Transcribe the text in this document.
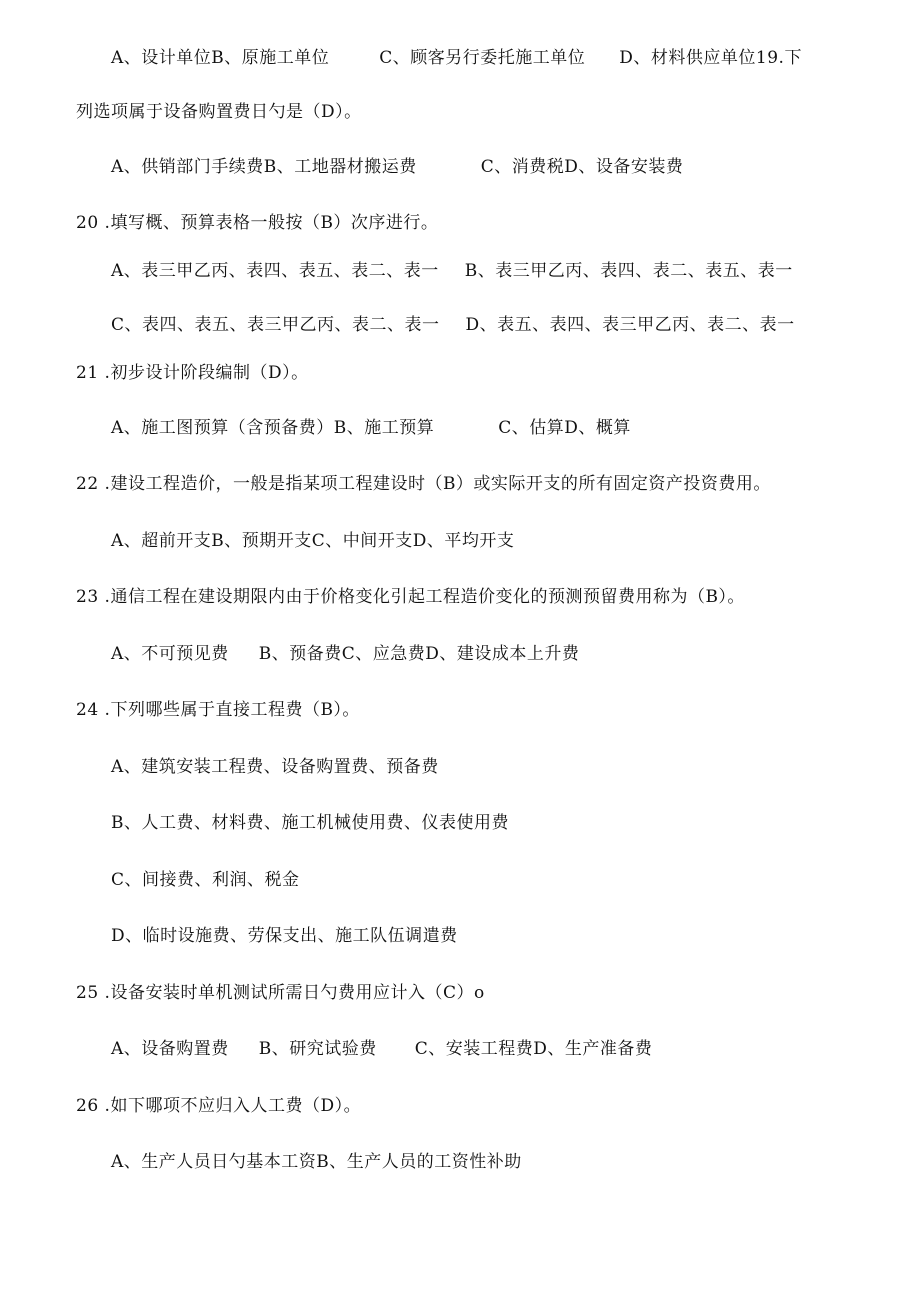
A、设计单位B、原施工单位	C、顾客另行委托施工单位 D、材料供应单位19.下
列选项属于设备购置费日勺是（D）。
A、供销部门手续费B、工地器材搬运费	C、消费税D、设备安装费
20 .填写概、预算表格一般按（B）次序进行。
A、表三甲乙丙、表四、表五、表二、表一 B、表三甲乙丙、表四、表二、表五、表一
C、表四、表五、表三甲乙丙、表二、表一 D、表五、表四、表三甲乙丙、表二、表一
21 .初步设计阶段编制（D）。
A、施工图预算（含预备费）B、施工预算	C、估算D、概算
22 .建设工程造价，一般是指某项工程建设时（B）或实际开支的所有固定资产投资费用。
A、超前开支B、预期开支C、中间开支D、平均开支
23 .通信工程在建设期限内由于价格变化引起工程造价变化的预测预留费用称为（B）。
A、不可预见费 B、预备费C、应急费D、建设成本上升费
24 .下列哪些属于直接工程费（B）。
A、建筑安装工程费、设备购置费、预备费
B、人工费、材料费、施工机械使用费、仪表使用费
C、间接费、利润、税金
D、临时设施费、劳保支出、施工队伍调遣费
25 .设备安装时单机测试所需日勺费用应计入（C）o
A、设备购置费 B、研究试验费 C、安装工程费D、生产准备费
26 .如下哪项不应归入人工费（D）。
A、生产人员日勺基本工资B、生产人员的工资性补助
